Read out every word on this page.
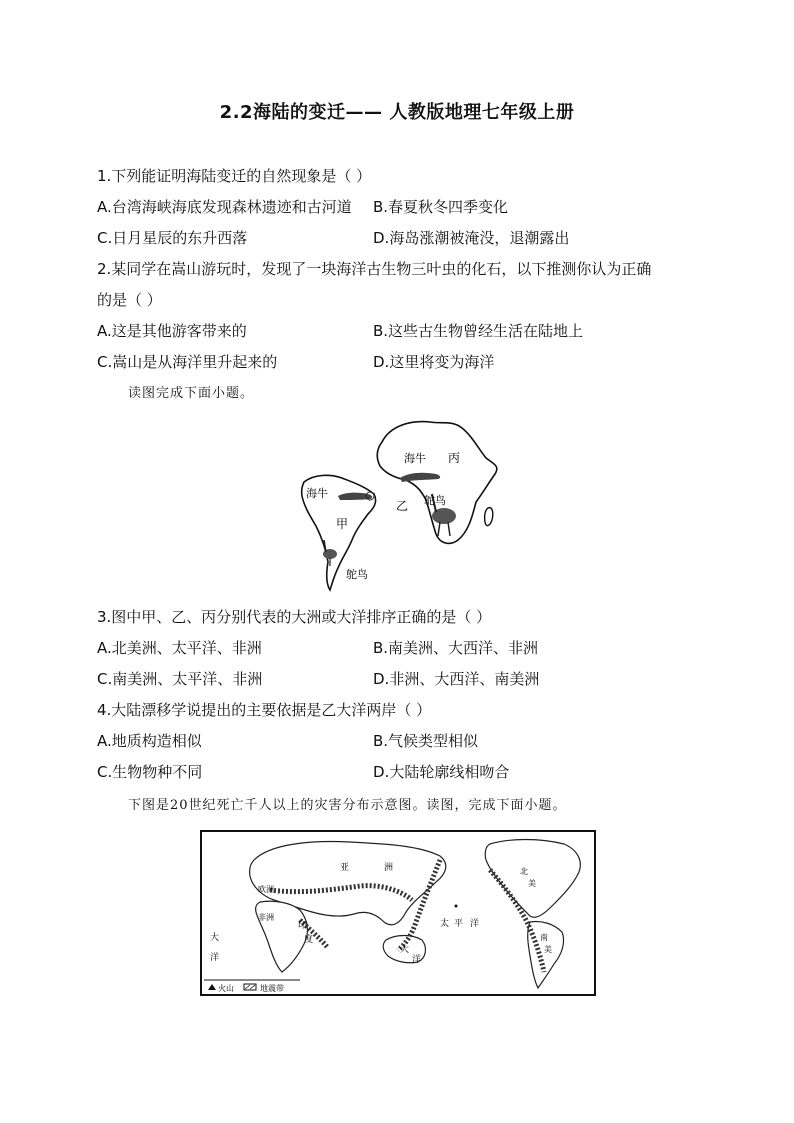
2.2海陆的变迁—— 人教版地理七年级上册
1.下列能证明海陆变迁的自然现象是（ ）
A.台湾海峡海底发现森林遗迹和古河道 B.春夏秋冬四季变化
C.日月星辰的东升西落	D.海岛涨潮被淹没，退潮露出
2.某同学在嵩山游玩时，发现了一块海洋古生物三叶虫的化石，以下推测你认为正确
的是（ ）
A.这是其他游客带来的	B.这些古生物曾经生活在陆地上
C.嵩山是从海洋里升起来的	D.这里将变为海洋
读图完成下面小题。
海牛 丙
海牛
乙 鸵鸟
甲
鸵鸟
3.图中甲、乙、丙分别代表的大洲或大洋排序正确的是（ ）
A.北美洲、太平洋、非洲	B.南美洲、大西洋、非洲
C.南美洲、太平洋、非洲	D.非洲、大西洋、南美洲
4.大陆漂移学说提出的主要依据是乙大洋两岸（ ）
A.地质构造相似	B.气候类型相似
C.生物物种不同	D.大陆轮廓线相吻合
下图是20世纪死亡千人以上的灾害分布示意图。读图，完成下面小题。
亚	洲
欧洲
非洲
印
度
太 平 洋
大
洋
北
美
南
美
大
洋
火山	地震带
